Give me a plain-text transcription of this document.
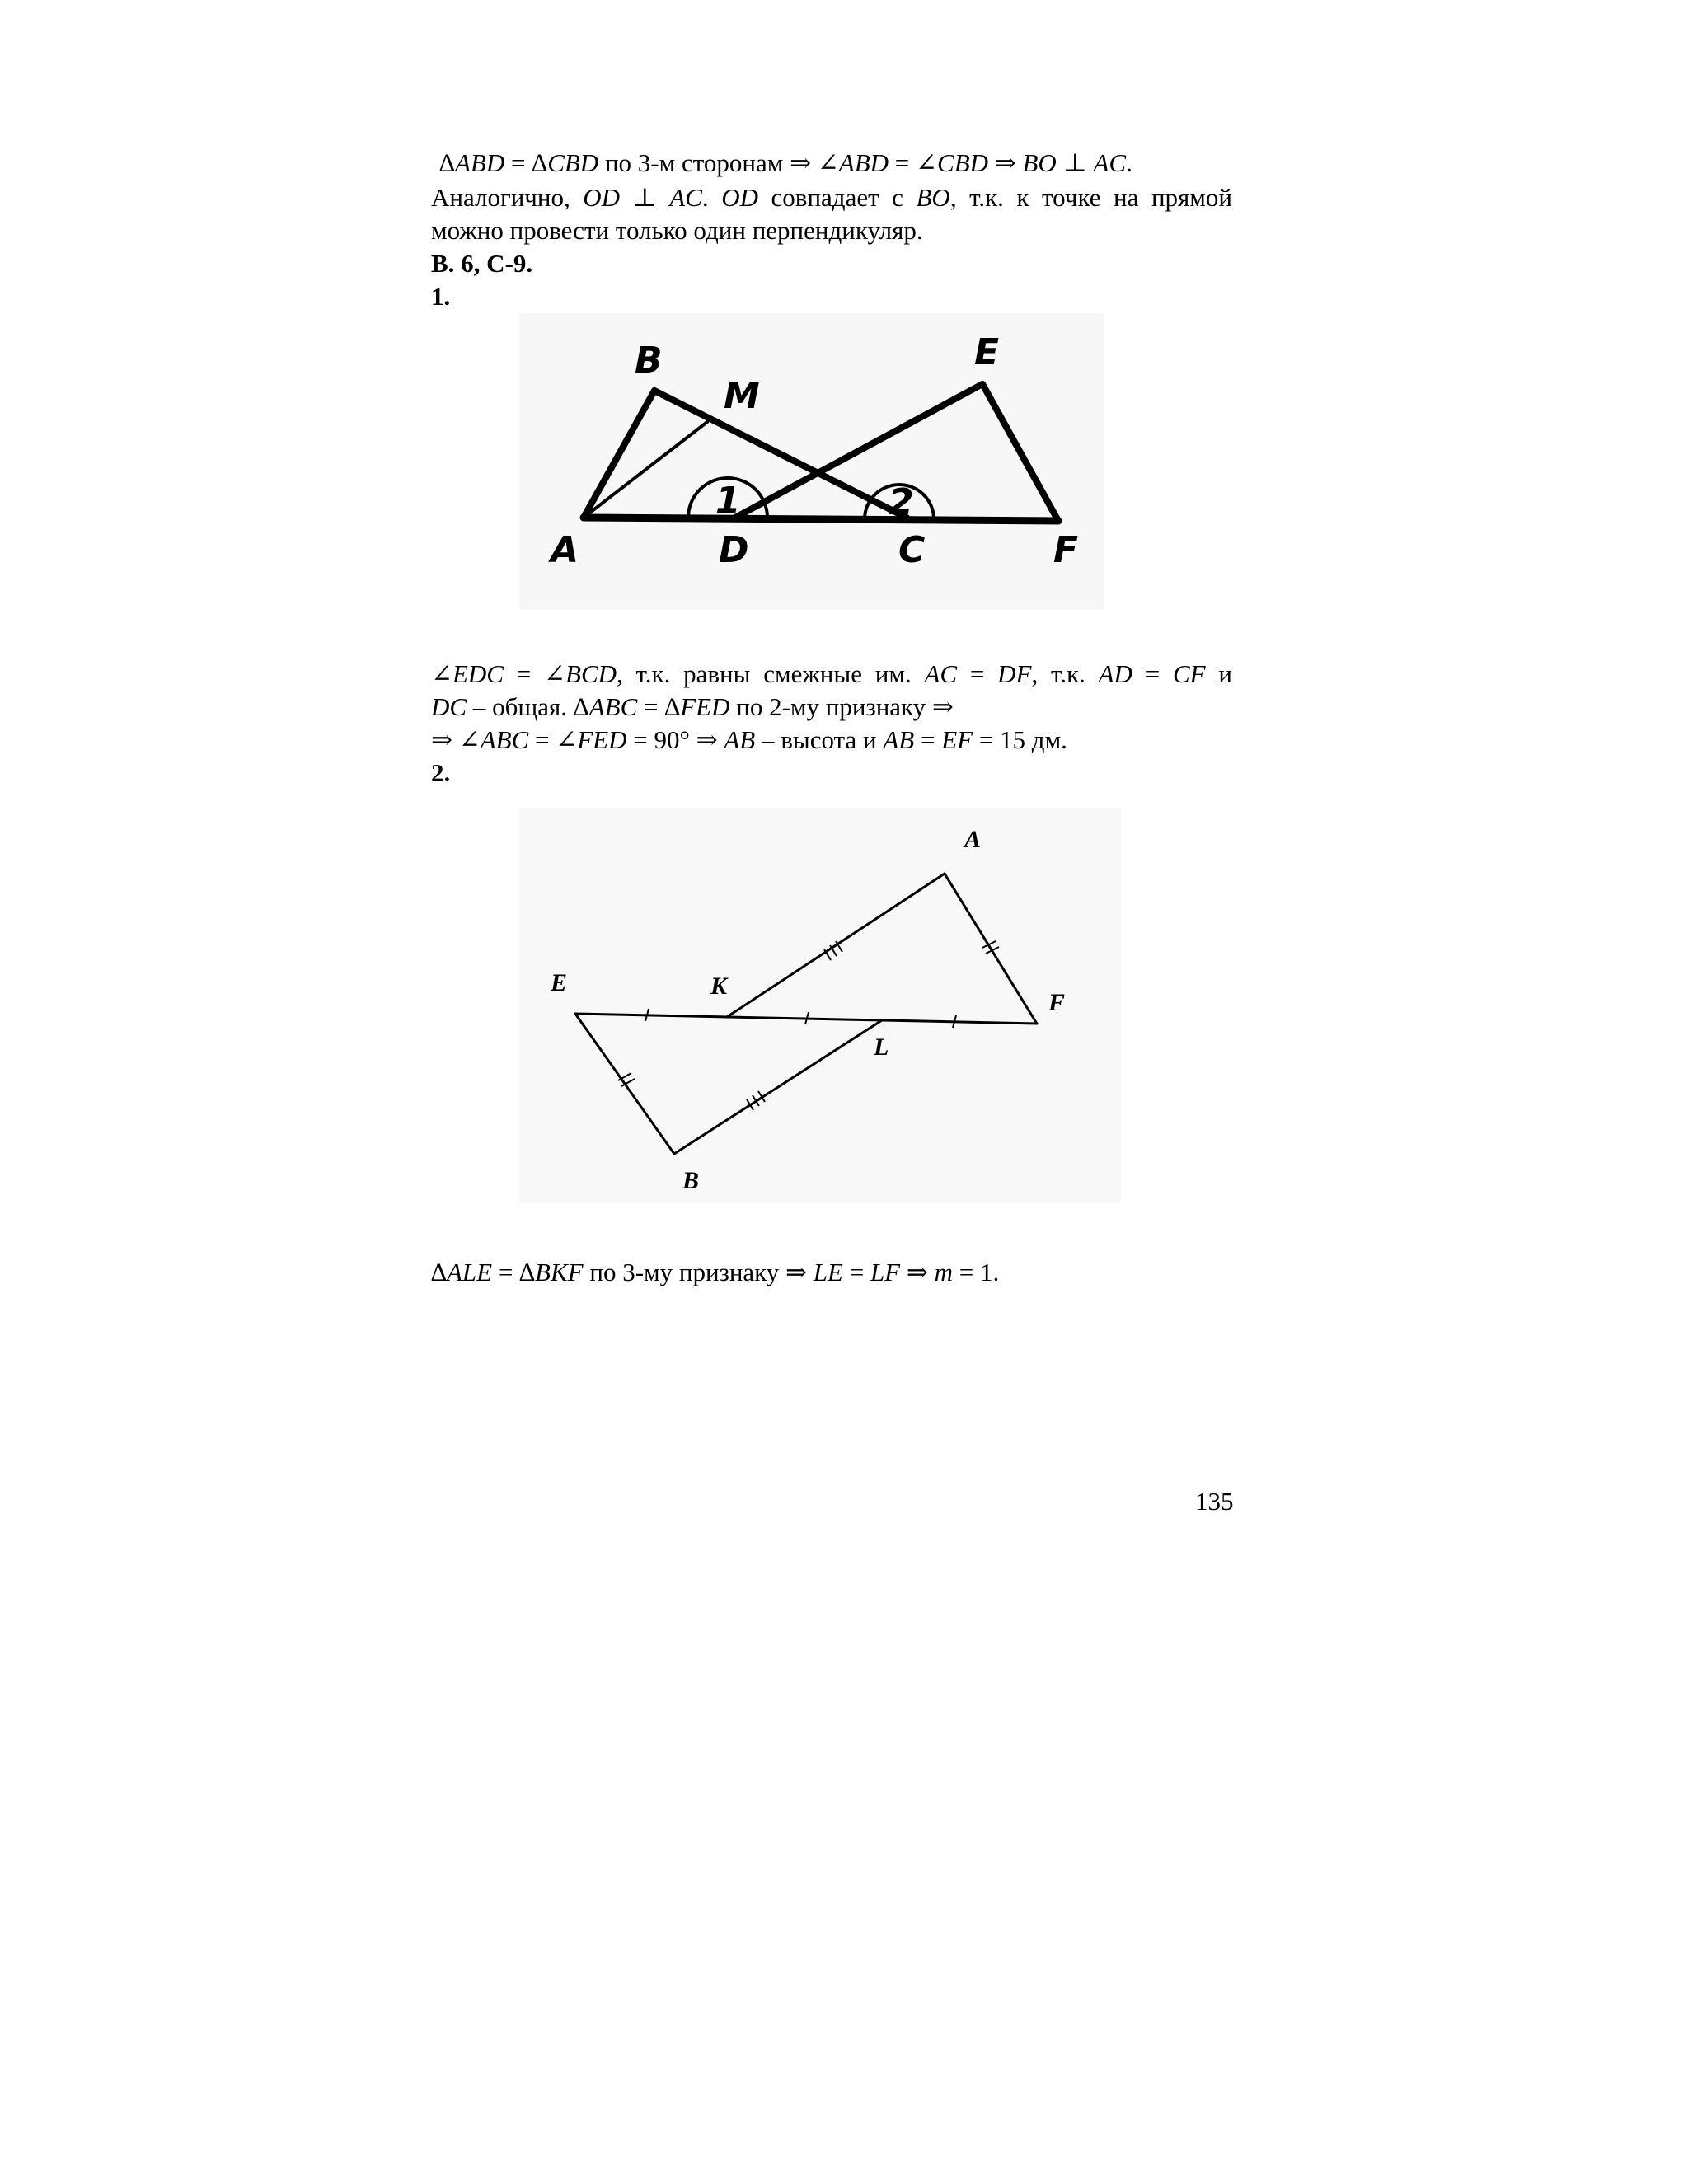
∆ABD = ∆CBD по 3-м сторонам ⇒ ∠ABD = ∠CBD ⇒ BO ⊥ AC.
Аналогично, OD ⊥ AC. OD совпадает с BO, т.к. к точке на прямой
можно провести только один перпендикуляр.
В. 6, С-9.
1.
B
M
E
A	D	C	F
1	2
∠EDC = ∠BCD, т.к. равны смежные им. AC = DF, т.к. AD = CF и
DC – общая. ∆ABC = ∆FED по 2-му признаку ⇒
⇒ ∠ABC = ∠FED = 90° ⇒ AB – высота и AB = EF = 15 дм.
2.
A
E	K
F
L
B
∆ALE = ∆BKF по 3-му признаку ⇒ LE = LF ⇒ m = 1.
135
